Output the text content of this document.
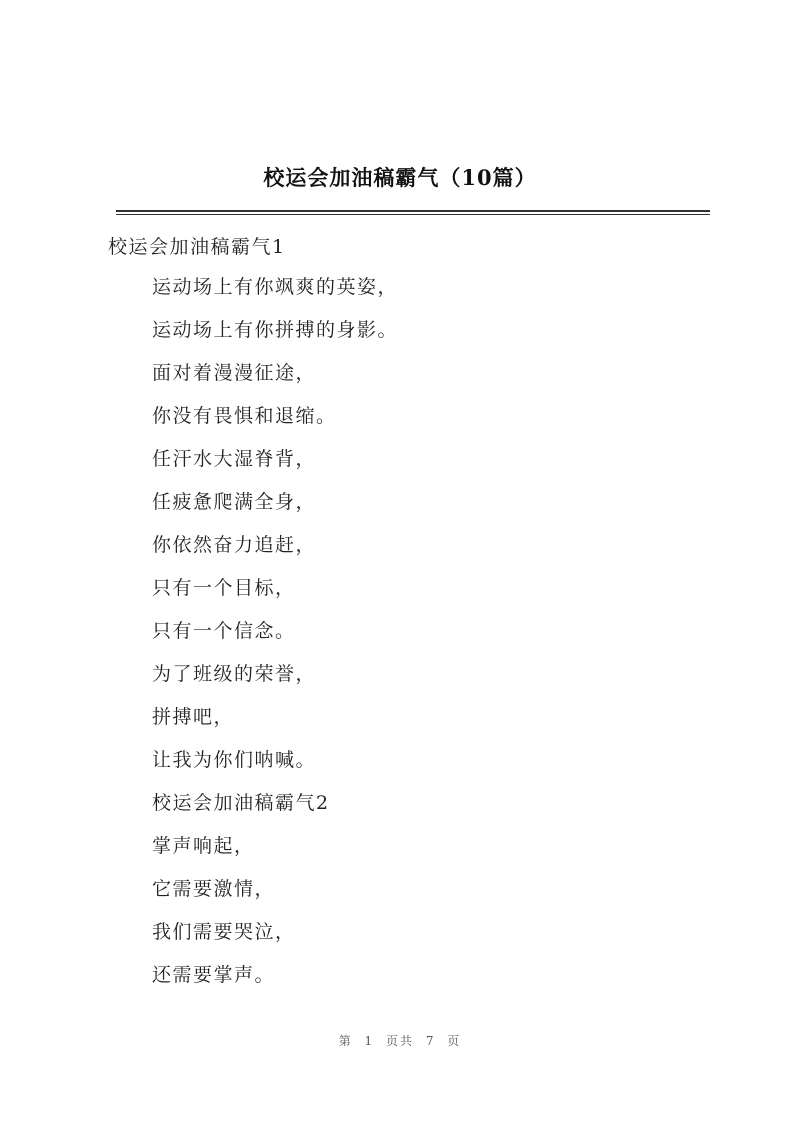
校运会加油稿霸气（10篇）
校运会加油稿霸气1
运动场上有你飒爽的英姿，
运动场上有你拼搏的身影。
面对着漫漫征途，
你没有畏惧和退缩。
任汗水大湿脊背，
任疲惫爬满全身，
你依然奋力追赶，
只有一个目标，
只有一个信念。
为了班级的荣誉，
拼搏吧，
让我为你们呐喊。
校运会加油稿霸气2
掌声响起，
它需要激情，
我们需要哭泣，
还需要掌声。
第 1 页共 7 页
